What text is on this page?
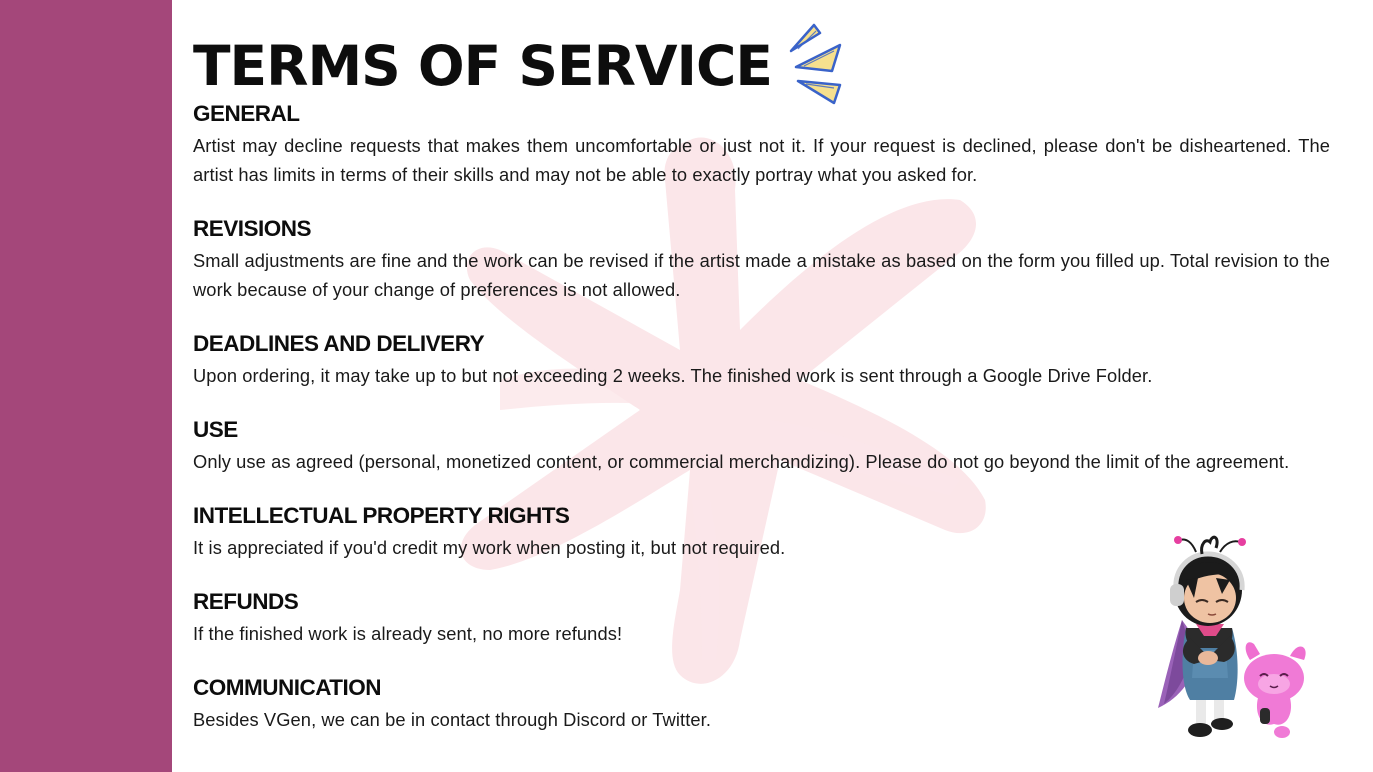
TERMS OF SERVICE
GENERAL

Artist may decline requests that makes them uncomfortable or just not it. If your request is declined, please don't be disheartened. The artist has limits in terms of their skills and may not be able to exactly portray what you asked for.

REVISIONS

Small adjustments are fine and the work can be revised if the artist made a mistake as based on the form you filled up. Total revision to the work because of your change of preferences is not allowed.

DEADLINES AND DELIVERY

Upon ordering, it may take up to but not exceeding 2 weeks. The finished work is sent through a Google Drive Folder.

USE

Only use as agreed (personal, monetized content, or commercial merchandizing). Please do not go beyond the limit of the agreement.

INTELLECTUAL PROPERTY RIGHTS

It is appreciated if you'd credit my work when posting it, but not required.

REFUNDS

If the finished work is already sent, no more refunds!

COMMUNICATION

Besides VGen, we can be in contact through Discord or Twitter.
